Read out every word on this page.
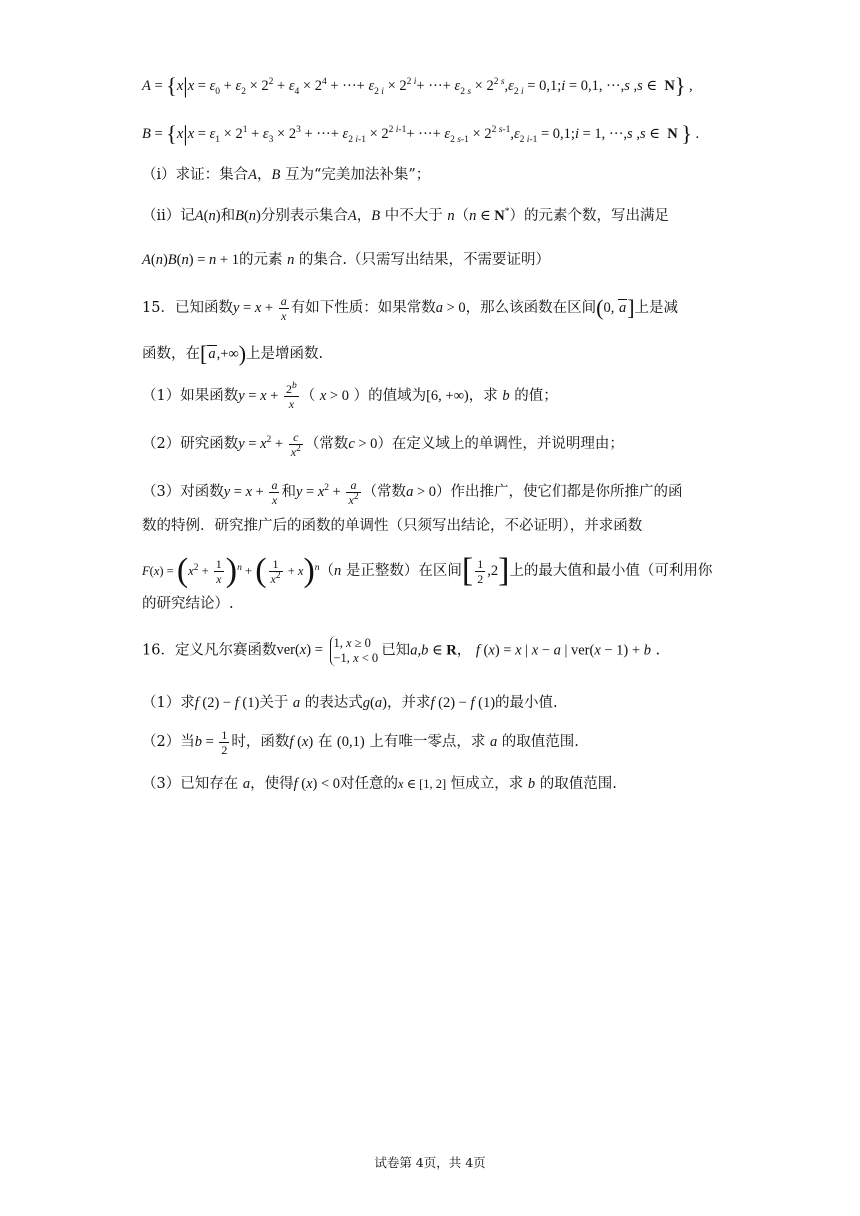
$A = \{x|x = \varepsilon_0 + \varepsilon_2 \times 2^2 + \varepsilon_4 \times 2^4$ + ···+ $\varepsilon_{2 i} \times 2^{2 i}+$ ···+ $\varepsilon_{2 s} \times 2^{2 s},\varepsilon_{2 i}$ = 0,1;i = 0,1, ···,s ,s ∈  N} ,
$B = \{x|x = \varepsilon_1 \times 2^1 + \varepsilon_3 \times 2^3$ + ···+ $\varepsilon_{2 i-1} \times 2^{2 i-1}+$ ···+ $\varepsilon_{2 s-1} \times 2^{2 s-1},\varepsilon_{2 i-1}$ = 0,1;i = 1, ···,s ,s ∈  N } .
（ⅰ）求证：集合A，B 互为“完美加法补集”；
（ⅱ）记A(n)和B(n)分别表示集合A，B 中不大于 n（n ∈ N*）的元素个数，写出满足
A(n)B(n) = n + 1的元素 n 的集合.（只需写出结果，不需要证明）
15．已知函数$y = x + \frac{a}{x}$ 有如下性质：如果常数a > 0，那么该函数在区间(0, a]上是减
函数，在[a,+∞)上是增函数.
（1）如果函数$y = x + \frac{2^b}{x}$ （ x > 0 ）的值域为[6, +∞)，求 b 的值；
（2）研究函数$y = x^2 + \frac{c}{x^2}$ （常数c > 0）在定义域上的单调性，并说明理由；
（3）对函数$y = x + \frac{a}{x}$ 和$y = x^2 + \frac{a}{x^2}$ （常数a > 0）作出推广，使它们都是你所推广的函
数的特例．研究推广后的函数的单调性（只须写出结论，不必证明），并求函数
$F(x) = (x^2 + \frac{1}{x} )^n$ + ( $\frac{1}{x^2} + x)^n(n$ 是正整数）在区间[ $\frac{1}{2} ,2$]上的最大值和最小值（可利用你
的研究结论）.
16．定义凡尔赛函数ver(x) = 1, x ≥ 0
−1, x < 0 已知a,b ∈ R， f (x) = x | x − a | ver(x − 1) + b .
（1）求f (2) − f (1)关于 a 的表达式g(a)，并求f (2) − f (1)的最小值.
（2）当$b = \frac{1}{2}$ 时，函数f (x) 在 (0,1) 上有唯一零点，求 a 的取值范围.
（3）已知存在 a，使得f (x) < 0对任意的x ∈ [1, 2] 恒成立，求 b 的取值范围.
试卷第 4页，共 4页
